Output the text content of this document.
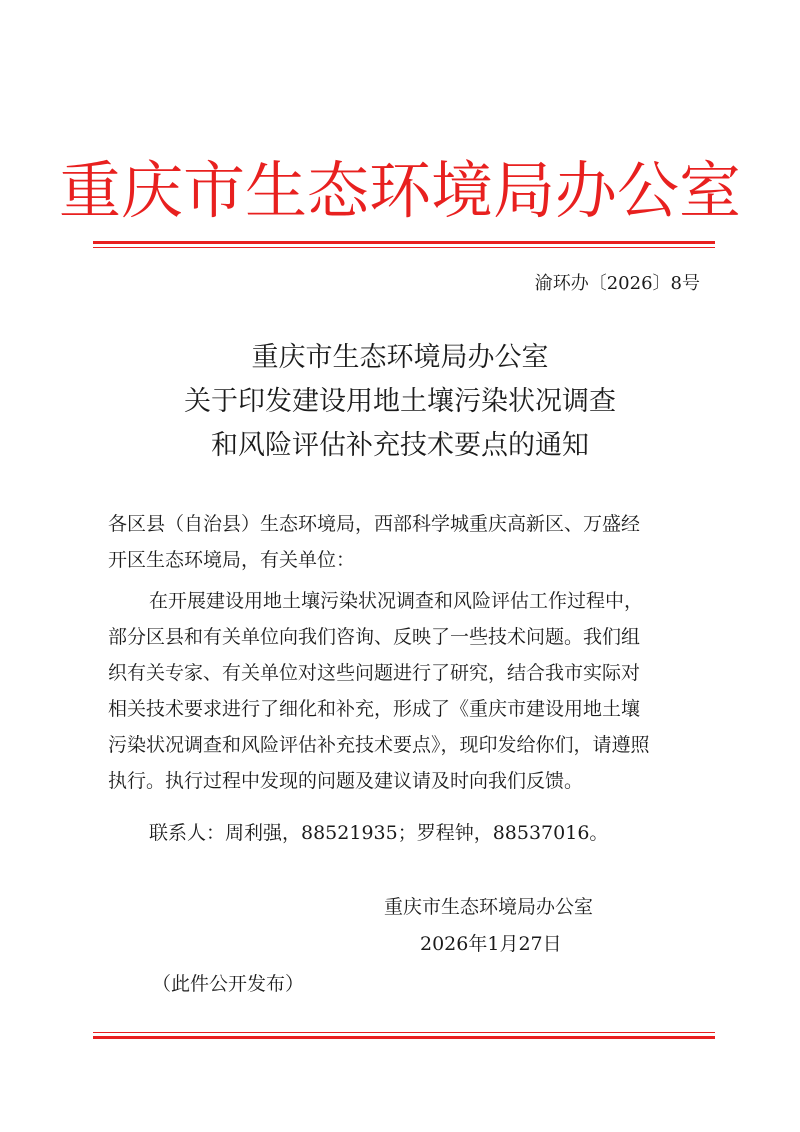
重庆市生态环境局办公室
渝环办〔2026〕8号
重庆市生态环境局办公室
关于印发建设用地土壤污染状况调查
和风险评估补充技术要点的通知
各区县（自治县）生态环境局，西部科学城重庆高新区、万盛经
开区生态环境局，有关单位：
在开展建设用地土壤污染状况调查和风险评估工作过程中，
部分区县和有关单位向我们咨询、反映了一些技术问题。我们组
织有关专家、有关单位对这些问题进行了研究，结合我市实际对
相关技术要求进行了细化和补充，形成了《重庆市建设用地土壤
污染状况调查和风险评估补充技术要点》，现印发给你们，请遵照
执行。执行过程中发现的问题及建议请及时向我们反馈。
联系人：周利强，88521935；罗程钟，88537016。
重庆市生态环境局办公室
2026年1月27日
（此件公开发布）
